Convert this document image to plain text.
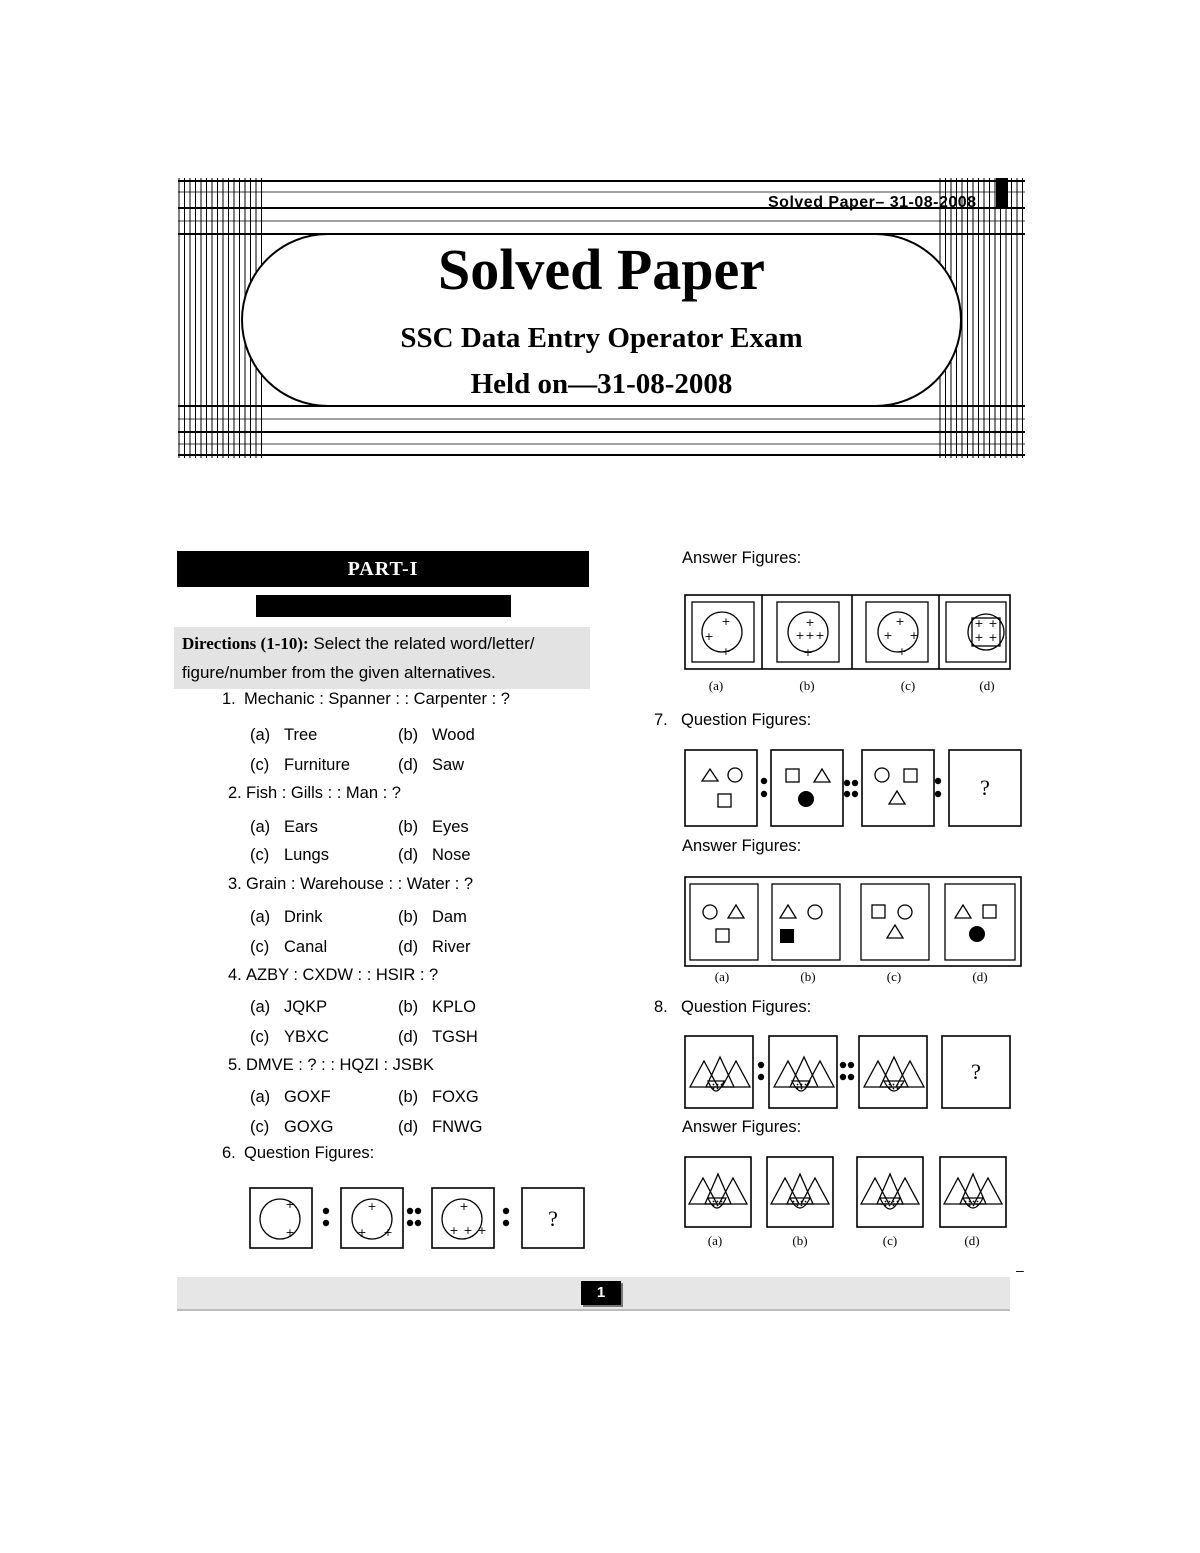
Solved Paper– 31-08-2008
Solved Paper
SSC Data Entry Operator Exam
Held on—31-08-2008
PART-I
Directions (1-10): Select the related word/letter/ figure/number from the given alternatives.
1. Mechanic : Spanner : : Carpenter : ?
(a) Tree	(b) Wood
(c) Furniture	(d) Saw
2. Fish : Gills : : Man : ?
(a) Ears	(b) Eyes
(c) Lungs	(d) Nose
3. Grain : Warehouse : : Water : ?
(a) Drink	(b) Dam
(c) Canal	(d) River
4. AZBY : CXDW : : HSIR : ?
(a) JQKP	(b) KPLO
(c) YBXC	(d) TGSH
5. DMVE : ? : : HQZI : JSBK
(a) GOXF	(b) FOXG
(c) GOXG	(d) FNWG
6. Question Figures:
+
+
+
+ +
+
+ + +	?
Answer Figures:
+
+
+
+
+ + +
+
+
+ +
+
+ +
+ +
(a)	(b)	(c)	(d)
7. Question Figures:
?
Answer Figures:
(a)	(b)	(c)	(d)
8. Question Figures:
?
Answer Figures:
(a)	(b)	(c)	(d)
1
–
